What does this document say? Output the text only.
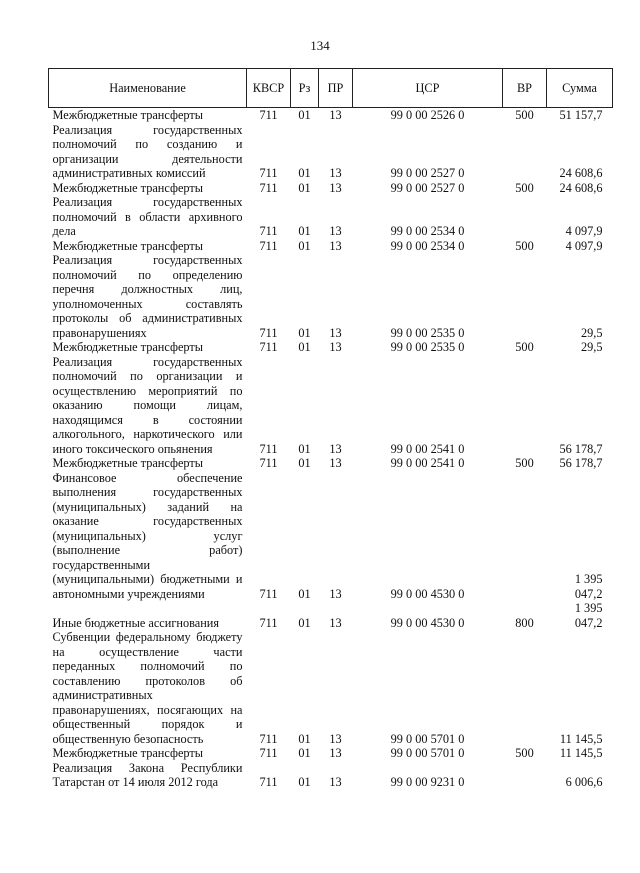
134
Наименование	КВСР	Рз	ПР	ЦСР	ВР	Сумма
Межбюджетные трансферты	711	01	13	99 0 00 2526 0	500	51 157,7
Реализация государственных полномочий по созданию и организации деятельности административных комиссий	711	01	13	99 0 00 2527 0		24 608,6
Межбюджетные трансферты	711	01	13	99 0 00 2527 0	500	24 608,6
Реализация государственных полномочий в области архивного дела	711	01	13	99 0 00 2534 0		4 097,9
Межбюджетные трансферты	711	01	13	99 0 00 2534 0	500	4 097,9
Реализация государственных полномочий по определению перечня должностных лиц, уполномоченных составлять протоколы об административных правонарушениях	711	01	13	99 0 00 2535 0		29,5
Межбюджетные трансферты	711	01	13	99 0 00 2535 0	500	29,5
Реализация государственных полномочий по организации и осуществлению мероприятий по оказанию помощи лицам, находящимся в состоянии алкогольного, наркотического или иного токсического опьянения	711	01	13	99 0 00 2541 0		56 178,7
Межбюджетные трансферты	711	01	13	99 0 00 2541 0	500	56 178,7
Финансовое обеспечение выполнения государственных (муниципальных) заданий на оказание государственных (муниципальных) услуг (выполнение работ) государственными (муниципальными) бюджетными и автономными учреждениями	711	01	13	99 0 00 4530 0		1 395 047,2
Иные бюджетные ассигнования	711	01	13	99 0 00 4530 0	800	1 395 047,2
Субвенции федеральному бюджету на осуществление части переданных полномочий по составлению протоколов об административных правонарушениях, посягающих на общественный порядок и общественную безопасность	711	01	13	99 0 00 5701 0		11 145,5
Межбюджетные трансферты	711	01	13	99 0 00 5701 0	500	11 145,5
Реализация Закона Республики Татарстан от 14 июля 2012 года	711	01	13	99 0 00 9231 0		6 006,6
